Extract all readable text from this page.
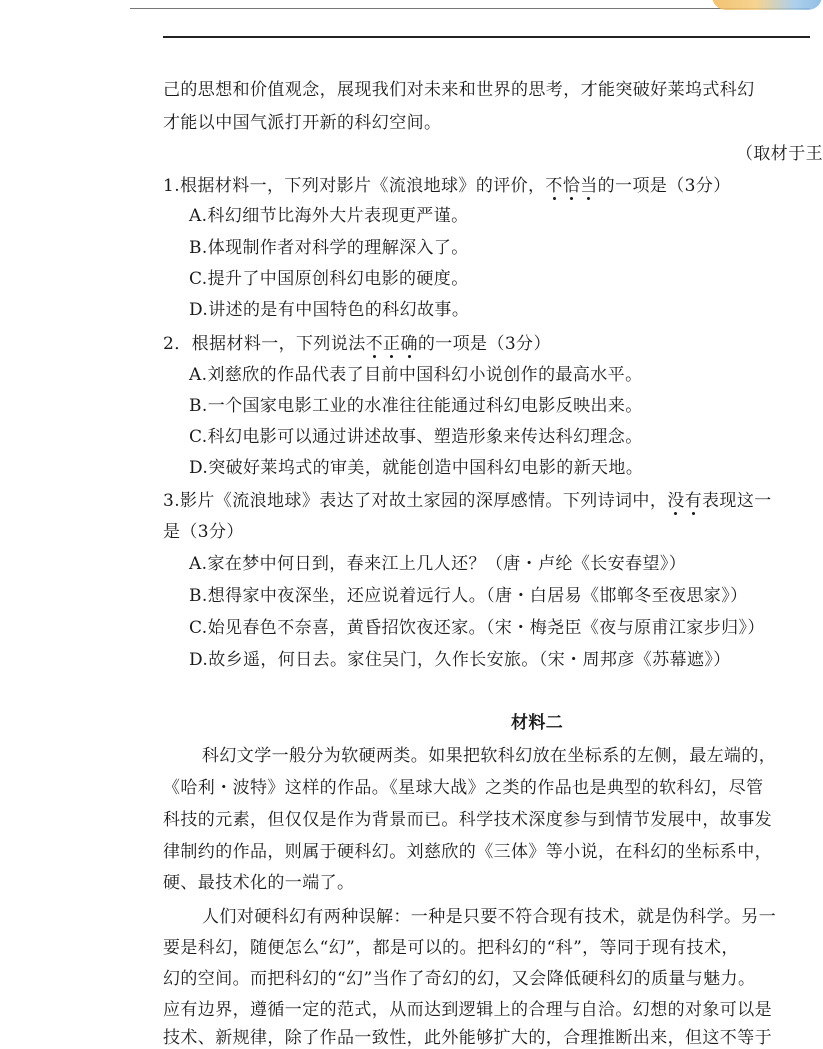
己的思想和价值观念，展现我们对未来和世界的思考，才能突破好莱坞式科幻
才能以中国气派打开新的科幻空间。
（取材于王
1.根据材料一，下列对影片《流浪地球》的评价，不恰当的一项是（3分）
A.科幻细节比海外大片表现更严谨。
B.体现制作者对科学的理解深入了。
C.提升了中国原创科幻电影的硬度。
D.讲述的是有中国特色的科幻故事。
2．根据材料一，下列说法不正确的一项是（3分）
A.刘慈欣的作品代表了目前中国科幻小说创作的最高水平。
B.一个国家电影工业的水准往往能通过科幻电影反映出来。
C.科幻电影可以通过讲述故事、塑造形象来传达科幻理念。
D.突破好莱坞式的审美，就能创造中国科幻电影的新天地。
3.影片《流浪地球》表达了对故土家园的深厚感情。下列诗词中，没有表现这一
是（3分）
A.家在梦中何日到，春来江上几人还？（唐・卢纶《长安春望》）
B.想得家中夜深坐，还应说着远行人。（唐・白居易《邯郸冬至夜思家》）
C.始见春色不奈喜，黄昏招饮夜还家。（宋・梅尧臣《夜与原甫江家步归》）
D.故乡遥，何日去。家住吴门，久作长安旅。（宋・周邦彦《苏幕遮》）
材料二
科幻文学一般分为软硬两类。如果把软科幻放在坐标系的左侧，最左端的，
《哈利・波特》这样的作品。《星球大战》之类的作品也是典型的软科幻，尽管
科技的元素，但仅仅是作为背景而已。科学技术深度参与到情节发展中，故事发
律制约的作品，则属于硬科幻。刘慈欣的《三体》等小说，在科幻的坐标系中，
硬、最技术化的一端了。
人们对硬科幻有两种误解：一种是只要不符合现有技术，就是伪科学。另一
要是科幻，随便怎么“幻”，都是可以的。把科幻的“科”，等同于现有技术，
幻的空间。而把科幻的“幻”当作了奇幻的幻，又会降低硬科幻的质量与魅力。
应有边界，遵循一定的范式，从而达到逻辑上的合理与自洽。幻想的对象可以是
技术、新规律，除了作品一致性，此外能够扩大的，合理推断出来，但这不等于
